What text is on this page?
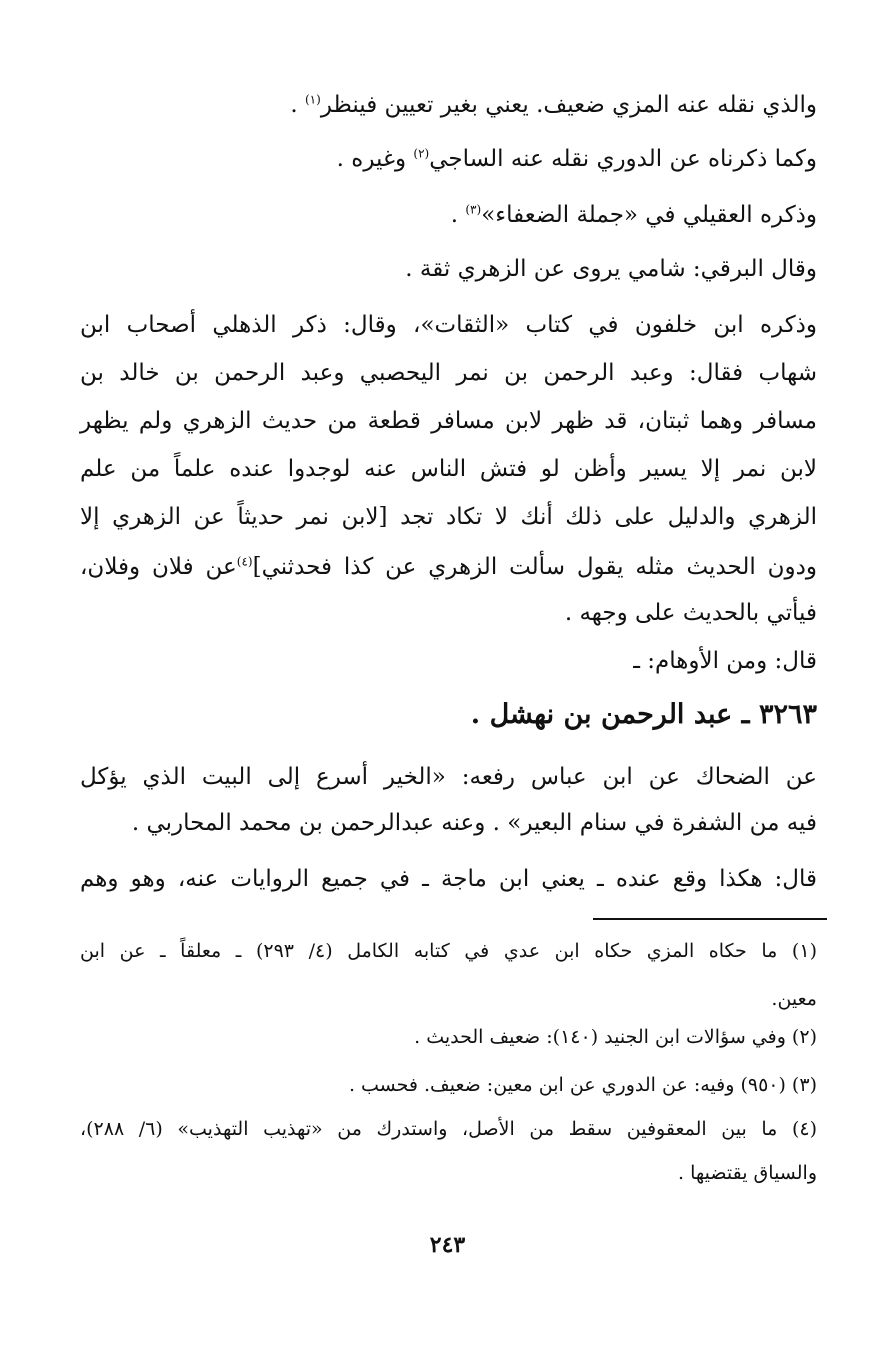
والذي نقله عنه المزي ضعيف. يعني بغير تعيين فينظر$^{(١)}$ .
وكما ذكرناه عن الدوري نقله عنه الساجي$^{(٢)}$ وغيره .
وذكره العقيلي في «جملة الضعفاء»$^{(٣)}$ .
وقال البرقي: شامي يروى عن الزهري ثقة .
وذكره ابن خلفون في كتاب «الثقات»، وقال: ذكر الذهلي أصحاب ابن
شهاب فقال: وعبد الرحمن بن نمر اليحصبي وعبد الرحمن بن خالد بن
مسافر وهما ثبتان، قد ظهر لابن مسافر قطعة من حديث الزهري ولم يظهر
لابن نمر إلا يسير وأظن لو فتش الناس عنه لوجدوا عنده علماً من علم
الزهري والدليل على ذلك أنك لا تكاد تجد [لابن نمر حديثاً عن الزهري إلا
ودون الحديث مثله يقول سألت الزهري عن كذا فحدثني]$^{(٤)}$عن فلان وفلان،
فيأتي بالحديث على وجهه .
قال: ومن الأوهام: ـ
٣٢٦٣ ـ عبد الرحمن بن نهشل .
عن الضحاك عن ابن عباس رفعه: «الخير أسرع إلى البيت الذي يؤكل
فيه من الشفرة في سنام البعير» . وعنه عبدالرحمن بن محمد المحاربي .
قال: هكذا وقع عنده ـ يعني ابن ماجة ـ في جميع الروايات عنه، وهو وهم
(١) ما حكاه المزي حكاه ابن عدي في كتابه الكامل (٤/ ٢٩٣) ـ معلقاً ـ عن ابن
معين.
(٢) وفي سؤالات ابن الجنيد (١٤٠): ضعيف الحديث .
(٣) (٩٥٠) وفيه: عن الدوري عن ابن معين: ضعيف. فحسب .
(٤) ما بين المعقوفين سقط من الأصل، واستدرك من «تهذيب التهذيب» (٦/ ٢٨٨)،
والسياق يقتضيها .
٢٤٣
